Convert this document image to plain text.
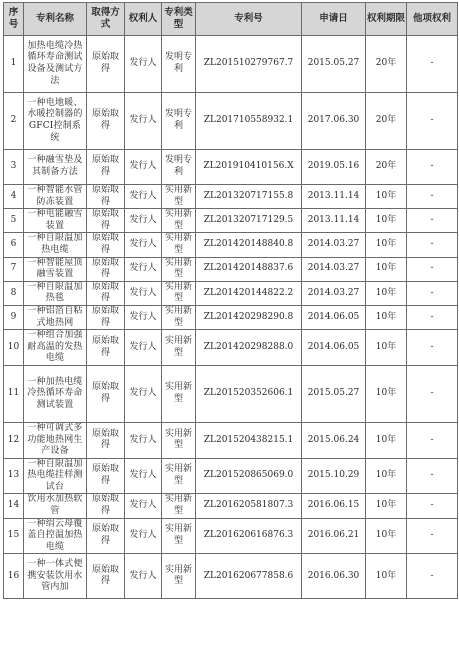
序号	专利名称	取得方式	权利人	专利类型	专利号	申请日	权利期限	他项权利
1	加热电缆冷热循环寿命测试设备及测试方法	原始取得	发行人	发明专利	ZL201510279767.7	2015.05.27	20年	-
2	一种电地暖、水暖控制器的GFCI控制系统	原始取得	发行人	发明专利	ZL201710558932.1	2017.06.30	20年	-
3	一种融雪垫及其制备方法	原始取得	发行人	发明专利	ZL201910410156.X	2019.05.16	20年	-
4	一种智能水管防冻装置	原始取得	发行人	实用新型	ZL201320717155.8	2013.11.14	10年	-
5	一种电能融雪装置	原始取得	发行人	实用新型	ZL201320717129.5	2013.11.14	10年	-
6	一种自限温加热电缆	原始取得	发行人	实用新型	ZL201420148840.8	2014.03.27	10年	-
7	一种智能屋顶融雪装置	原始取得	发行人	实用新型	ZL201420148837.6	2014.03.27	10年	-
8	一种自限温加热毯	原始取得	发行人	实用新型	ZL201420144822.2	2014.03.27	10年	-
9	一种铝箔自粘式地热网	原始取得	发行人	实用新型	ZL201420298290.8	2014.06.05	10年	-
10	一种组合加强耐高温的发热电缆	原始取得	发行人	实用新型	ZL201420298288.0	2014.06.05	10年	-
11	一种加热电缆冷热循环寿命测试装置	原始取得	发行人	实用新型	ZL201520352606.1	2015.05.27	10年	-
12	一种可调式多功能地热网生产设备	原始取得	发行人	实用新型	ZL201520438215.1	2015.06.24	10年	-
13	一种自限温加热电缆挂样测试台	原始取得	发行人	实用新型	ZL201520865069.0	2015.10.29	10年	-
14	饮用水加热软管	原始取得	发行人	实用新型	ZL201620581807.3	2016.06.15	10年	-
15	一种绢云母覆盖自控温加热电缆	原始取得	发行人	实用新型	ZL201620616876.3	2016.06.21	10年	-
16	一种一体式便携安装饮用水管内加	原始取得	发行人	实用新型	ZL201620677858.6	2016.06.30	10年	-
